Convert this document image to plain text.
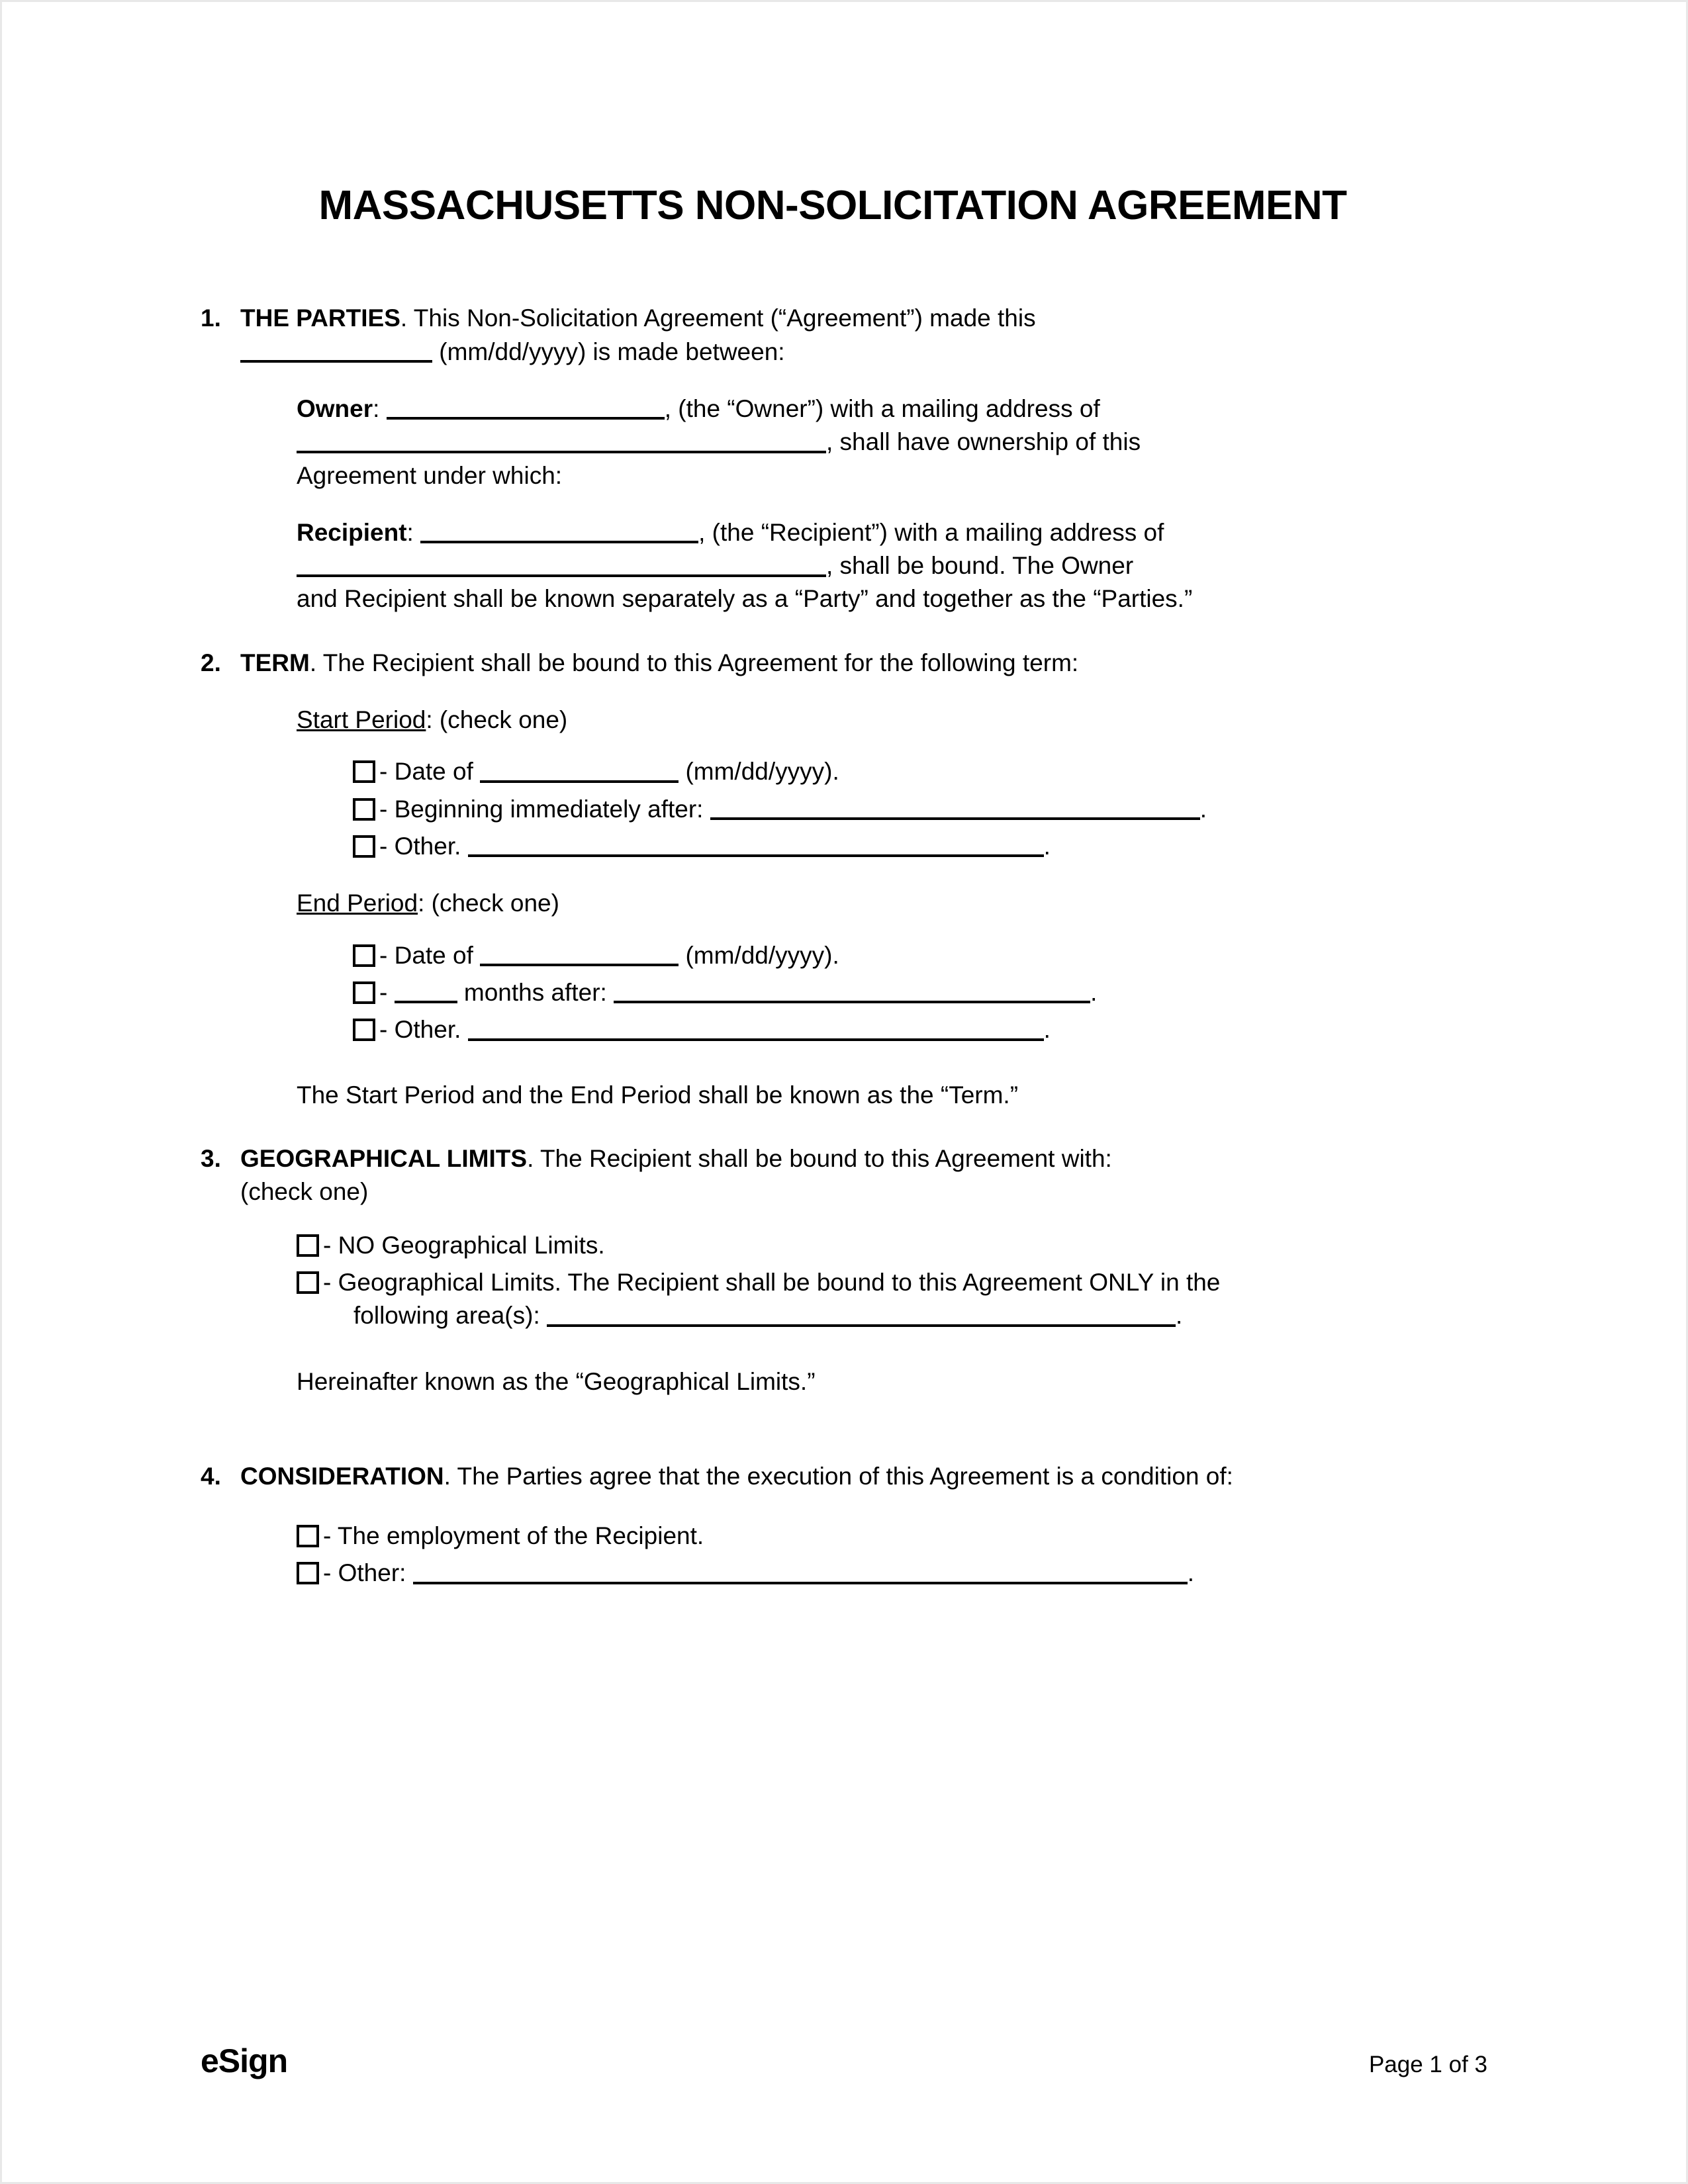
MASSACHUSETTS NON-SOLICITATION AGREEMENT
1. THE PARTIES. This Non-Solicitation Agreement (“Agreement”) made this
(mm/dd/yyyy) is made between:
Owner:	, (the “Owner”) with a mailing address of
, shall have ownership of this
Agreement under which:
Recipient:	, (the “Recipient”) with a mailing address of
, shall be bound. The Owner
and Recipient shall be known separately as a “Party” and together as the “Parties.”
2. TERM. The Recipient shall be bound to this Agreement for the following term:
Start Period: (check one)
- Date of	(mm/dd/yyyy).
- Beginning immediately after:	.
- Other.	.
End Period: (check one)
- Date of	(mm/dd/yyyy).
-	months after:	.
- Other.	.
The Start Period and the End Period shall be known as the “Term.”
3. GEOGRAPHICAL LIMITS. The Recipient shall be bound to this Agreement with:
(check one)
- NO Geographical Limits.
- Geographical Limits. The Recipient shall be bound to this Agreement ONLY in the
following area(s):	.
Hereinafter known as the “Geographical Limits.”
4. CONSIDERATION. The Parties agree that the execution of this Agreement is a condition of:
- The employment of the Recipient.
- Other:	.
eSign	Page 1 of 3
